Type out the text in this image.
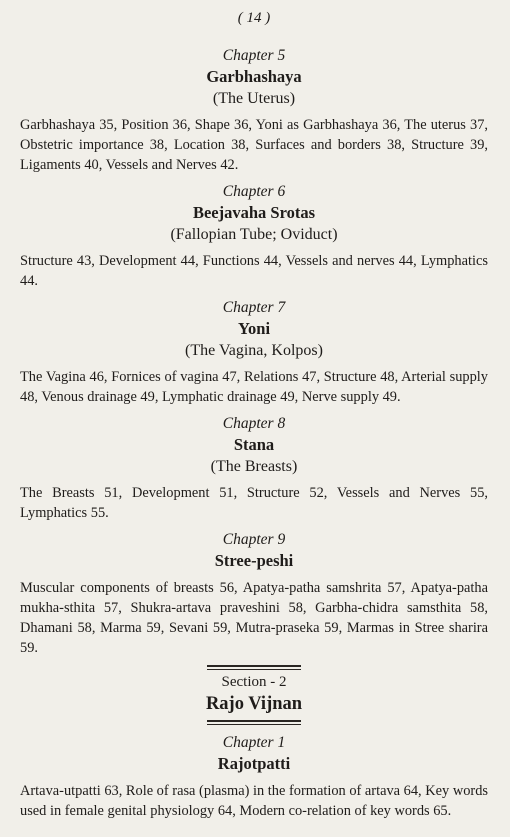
( 14 )
Chapter 5
Garbhashaya
(The Uterus)

Garbhashaya 35, Position 36, Shape 36, Yoni as Garbhashaya 36, The uterus 37, Obstetric importance 38, Location 38, Surfaces and borders 38, Structure 39, Ligaments 40, Vessels and Nerves 42.

Chapter 6
Beejavaha Srotas
(Fallopian Tube; Oviduct)

Structure 43, Development 44, Functions 44, Vessels and nerves 44, Lymphatics 44.

Chapter 7
Yoni
(The Vagina, Kolpos)

The Vagina 46, Fornices of vagina 47, Relations 47, Structure 48, Arterial supply 48, Venous drainage 49, Lymphatic drainage 49, Nerve supply 49.

Chapter 8
Stana
(The Breasts)

The Breasts 51, Development 51, Structure 52, Vessels and Nerves 55, Lymphatics 55.

Chapter 9
Stree-peshi

Muscular components of breasts 56, Apatya-patha samshrita 57, Apatya-patha mukha-sthita 57, Shukra-artava praveshini 58, Garbha-chidra samsthita 58, Dhamani 58, Marma 59, Sevani 59, Mutra-praseka 59, Marmas in Stree sharira 59.

Section - 2
Rajo Vijnan
Chapter 1
Rajotpatti

Artava-utpatti 63, Role of rasa (plasma) in the formation of artava 64, Key words used in female genital physiology 64, Modern co-relation of key words 65.
